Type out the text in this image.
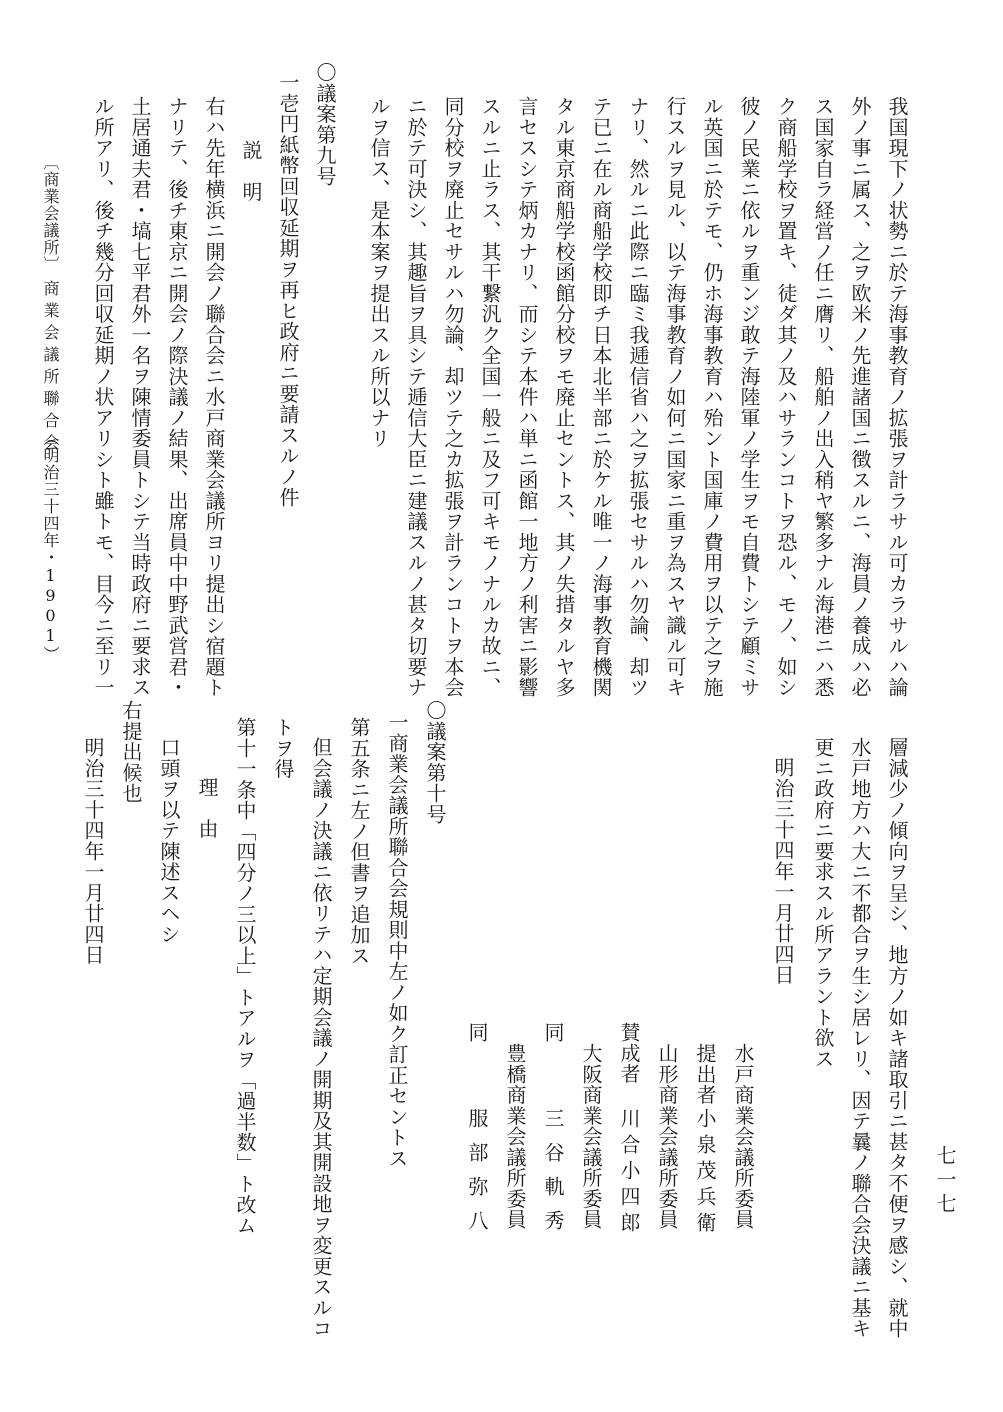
我国現下ノ状勢ニ於テ海事教育ノ拡張ヲ計ラサル可カラサルハ論
外ノ事ニ属ス、之ヲ欧米ノ先進諸国ニ徴スルニ、海員ノ養成ハ必
ス国家自ラ経営ノ任ニ膺リ、船舶ノ出入稍ヤ繁多ナル海港ニハ悉
ク商船学校ヲ置キ、徒ダ其ノ及ハサランコトヲ恐ル、モノ、如シ
彼ノ民業ニ依ルヲ重ンジ敢テ海陸軍ノ学生ヲモ自費トシテ顧ミサ
ル英国ニ於テモ、仍ホ海事教育ハ殆ント国庫ノ費用ヲ以テ之ヲ施
行スルヲ見ル、以テ海事教育ノ如何ニ国家ニ重ヲ為スヤ識ル可キ
ナリ、然ルニ此際ニ臨ミ我逓信省ハ之ヲ拡張セサルハ勿論、却ツ
テ已ニ在ル商船学校即チ日本北半部ニ於ケル唯一ノ海事教育機関
タル東京商船学校函館分校ヲモ廃止セントス、其ノ失措タルヤ多
言セスシテ炳カナリ、而シテ本件ハ単ニ函館一地方ノ利害ニ影響
スルニ止ラス、其干繋汎ク全国一般ニ及フ可キモノナルカ故ニ、
同分校ヲ廃止セサルハ勿論、却ツテ之カ拡張ヲ計ランコトヲ本会
ニ於テ可決シ、其趣旨ヲ具シテ逓信大臣ニ建議スルノ甚タ切要ナ
ルヲ信ス、是本案ヲ提出スル所以ナリ
〇議案第九号
一壱円紙幣回収延期ヲ再ヒ政府ニ要請スルノ件
説　明
右ハ先年横浜ニ開会ノ聯合会ニ水戸商業会議所ヨリ提出シ宿題ト
ナリテ、後チ東京ニ開会ノ際決議ノ結果、出席員中中野武営君・
土居通夫君・塙七平君外一名ヲ陳情委員トシテ当時政府ニ要求ス
ル所アリ、後チ幾分回収延期ノ状アリシト雖トモ、目今ニ至リ一
層減少ノ傾向ヲ呈シ、地方ノ如キ諸取引ニ甚タ不便ヲ感シ、就中
水戸地方ハ大ニ不都合ヲ生シ居レリ、因テ曩ノ聯合会決議ニ基キ
更ニ政府ニ要求スル所アラント欲ス
明治三十四年一月廿四日
水戸商業会議所委員
提出者
小泉茂兵衛
山形商業会議所委員
賛成者
川合小四郎
大阪商業会議所委員
同
三谷軌秀
豊橋商業会議所委員
同
服部弥八
〇議案第十号
一商業会議所聯合会規則中左ノ如ク訂正セントス
第五条ニ左ノ但書ヲ追加ス
但会議ノ決議ニ依リテハ定期会議ノ開期及其開設地ヲ変更スルコ
トヲ得
第十一条中「四分ノ三以上」トアルヲ「過半数」ト改ム
理　由
口頭ヲ以テ陳述スヘシ
右提出候也
明治三十四年一月廿四日
〔商業会議所〕
商業会議所聯合会
（明治三十四年・1901）
七一七
